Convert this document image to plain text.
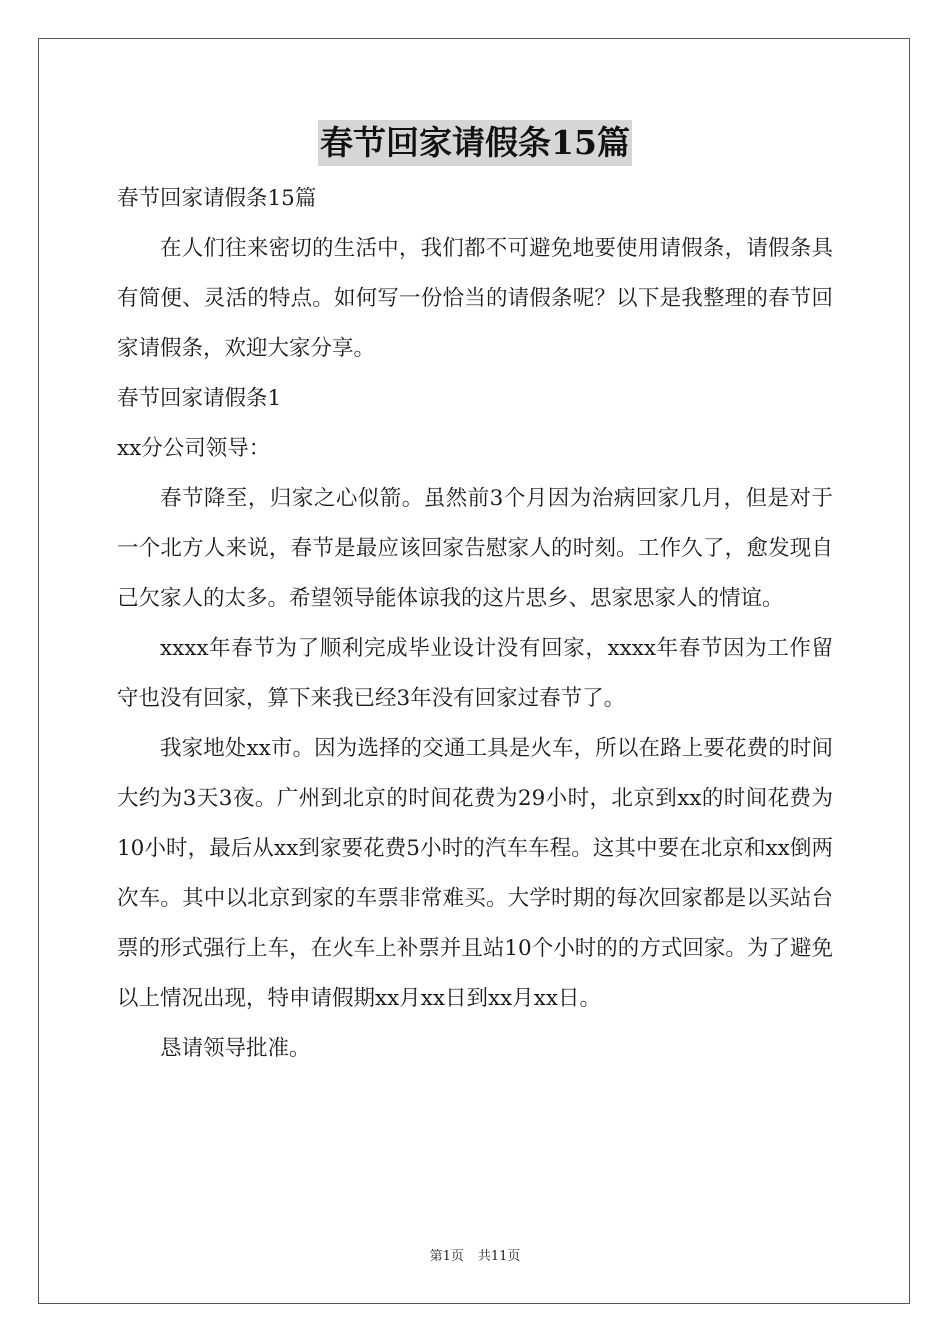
春节回家请假条15篇

春节回家请假条15篇

在人们往来密切的生活中，我们都不可避免地要使用请假条，请假条具有简便、灵活的特点。如何写一份恰当的请假条呢？以下是我整理的春节回家请假条，欢迎大家分享。

春节回家请假条1

xx分公司领导：

春节降至，归家之心似箭。虽然前3个月因为治病回家几月，但是对于一个北方人来说，春节是最应该回家告慰家人的时刻。工作久了，愈发现自己欠家人的太多。希望领导能体谅我的这片思乡、思家思家人的情谊。

xxxx年春节为了顺利完成毕业设计没有回家，xxxx年春节因为工作留守也没有回家，算下来我已经3年没有回家过春节了。

我家地处xx市。因为选择的交通工具是火车，所以在路上要花费的时间大约为3天3夜。广州到北京的时间花费为29小时，北京到xx的时间花费为10小时，最后从xx到家要花费5小时的汽车车程。这其中要在北京和xx倒两次车。其中以北京到家的车票非常难买。大学时期的每次回家都是以买站台票的形式强行上车，在火车上补票并且站10个小时的的方式回家。为了避免以上情况出现，特申请假期xx月xx日到xx月xx日。

恳请领导批准。

第1页 共11页
